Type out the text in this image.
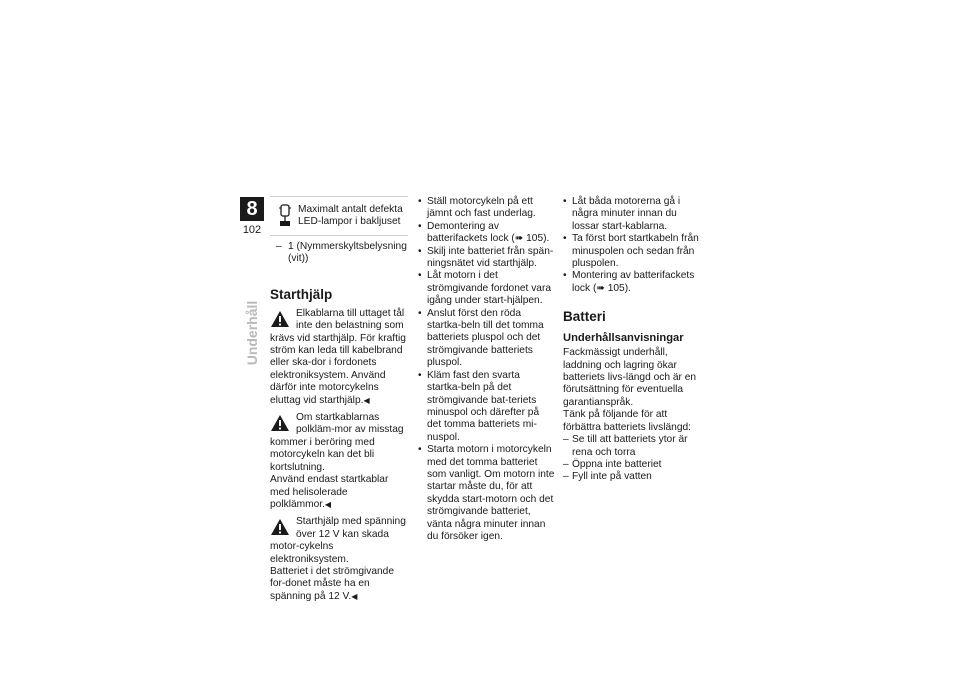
8
102
Underhåll
Maximalt antalt defekta LED-lampor i bakljuset
– 1 (Nymmerskyltsbelysning
(vit))
Starthjälp

Elkablarna till uttaget tål inte den belastning som krävs vid starthjälp. För kraftig ström kan leda till kabelbrand eller ska-dor i fordonets elektroniksystem. Använd därför inte motorcykelns eluttag vid starthjälp.◀

Om startkablarnas polkläm-mor av misstag kommer i beröring med motorcykeln kan det bli kortslutning.

Använd endast startkablar med helisolerade polklämmor.◀

Starthjälp med spänning över 12 V kan skada motor-cykelns elektroniksystem.

Batteriet i det strömgivande for-donet måste ha en spänning på 12 V.◀

• Ställ motorcykeln på ett jämnt och fast underlag.
• Demontering av batterifackets lock (➠ 105).
• Skilj inte batteriet från spän-ningsnätet vid starthjälp.
• Låt motorn i det strömgivande fordonet vara igång under start-hjälpen.
• Anslut först den röda startka-beln till det tomma batteriets pluspol och det strömgivande batteriets pluspol.
• Kläm fast den svarta startka-beln på det strömgivande bat-teriets minuspol och därefter på det tomma batteriets mi-nuspol.
• Starta motorn i motorcykeln med det tomma batteriet som vanligt. Om motorn inte startar måste du, för att skydda start-motorn och det strömgivande batteriet, vänta några minuter innan du försöker igen.
• Låt båda motorerna gå i några minuter innan du lossar start-kablarna.
• Ta först bort startkabeln från minuspolen och sedan från pluspolen.
• Montering av batterifackets lock (➠ 105).
Batteri
Underhållsanvisningar

Fackmässigt underhåll, laddning och lagring ökar batteriets livs-längd och är en förutsättning för eventuella garantianspråk.

Tänk på följande för att förbättra batteriets livslängd:

– Se till att batteriets ytor är rena och torra
– Öppna inte batteriet
– Fyll inte på vatten
